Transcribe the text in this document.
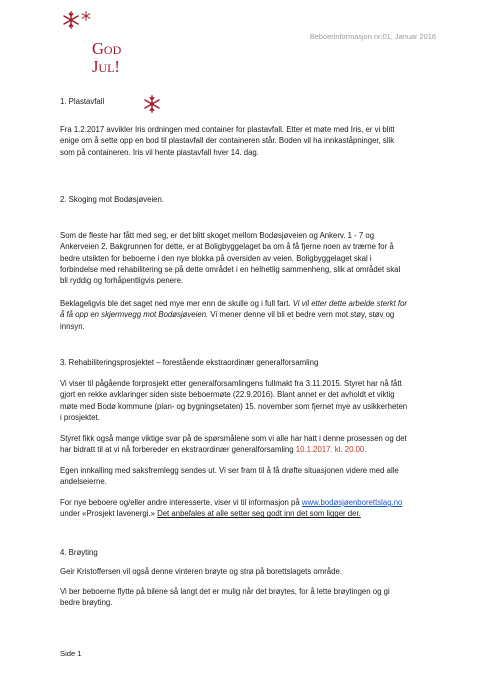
Beboerinformasjon nr:01, Januar 2016
God
Jul!
1. Plastavfall
Fra 1.2.2017 avvikler Iris ordningen med container for plastavfall. Etter et møte med Iris, er vi blitt
enige om å sette opp en bod til plastavfall der containeren står. Boden vil ha innkaståpninger, slik
som på containeren. Iris vil hente plastavfall hver 14. dag.
2. Skoging mot Bodøsjøveien.
Som de fleste har fått med seg, er det blitt skoget mellom Bodøsjøveien og Ankerv. 1 - 7 og
Ankerveien 2. Bakgrunnen for dette, er at Boligbyggelaget ba om å få fjerne noen av trærne for å
bedre utsikten for beboerne i den nye blokka på oversiden av veien. Boligbyggelaget skal i
forbindelse med rehabilitering se på dette området i en helhetlig sammenheng, slik at området skal
bli ryddig og forhåpentligvis penere.
Beklageligvis ble det saget ned mye mer enn de skulle og i full fart. Vi vil etter dette arbeide sterkt for
å få opp en skjermvegg mot Bodøsjøveien. Vi mener denne vil bli et bedre vern mot støy, støv og
innsyn.
3. Rehabiliteringsprosjektet – forestående ekstraordinær generalforsamling
Vi viser til pågående forprosjekt etter generalforsamlingens fullmakt fra 3.11.2015. Styret har nå fått
gjort en rekke avklaringer siden siste beboermøte (22.9.2016). Blant annet er det avholdt et viktig
møte med Bodø kommune (plan- og bygningsetaten) 15. november som fjernet mye av usikkerheten
i prosjektet.
Styret fikk også mange viktige svar på de spørsmålene som vi alle har hatt i denne prosessen og det
har bidratt til at vi nå forbereder en ekstraordinær generalforsamling 10.1.2017. kl. 20.00.
Egen innkalling med saksfremlegg sendes ut. Vi ser fram til å få drøfte situasjonen videre med alle
andelseierne.
For nye beboere og/eller andre interesserte, viser vi til informasjon på www.bodøsjøenborettslag.no
under «Prosjekt lavenergi.» Det anbefales at alle setter seg godt inn det som ligger der.
4. Brøyting
Geir Kristoffersen vil også denne vinteren brøyte og strø på borettslagets område.
Vi ber beboerne flytte på bilene så langt det er mulig når det brøytes, for å lette brøytingen og gi
bedre brøyting.
Side 1
